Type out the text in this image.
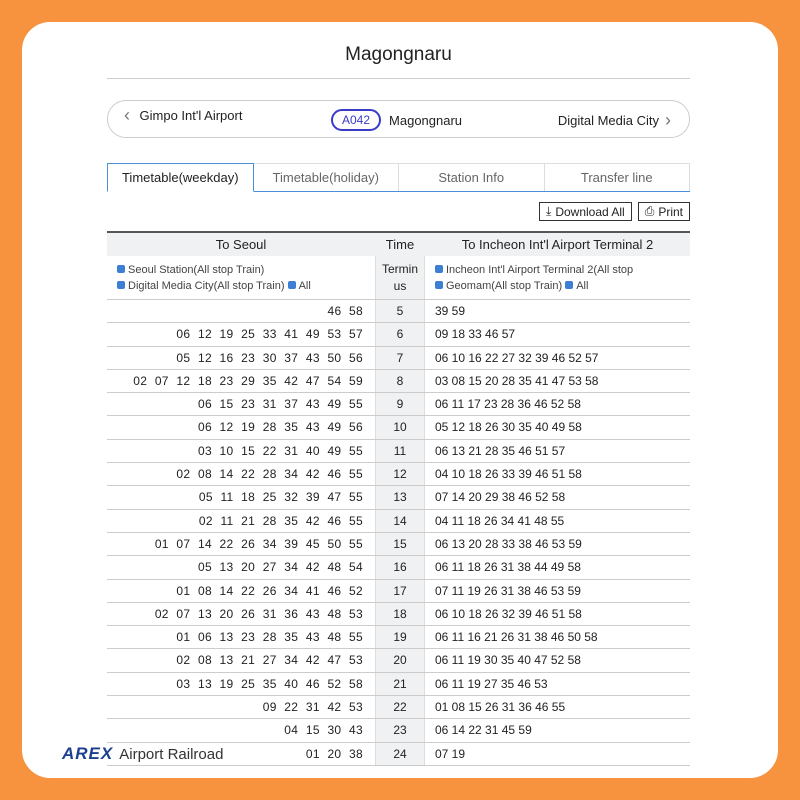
Magongnaru
‹ Gimpo Int'l Airport	A042	Magongnaru	Digital Media City ›
Timetable(weekday)	Timetable(holiday)	Station Info	Transfer line
⤓ Download All ⎙ Print
To Seoul	Time	To Incheon Int'l Airport Terminal 2
Seoul Station(All stop Train)
Digital Media City(All stop Train) All
Terminus
Incheon Int'l Airport Terminal 2(All stop
Geomam(All stop Train) All
46 58	5	39 59
06 12 19 25 33 41 49 53 57	6	09 18 33 46 57
05 12 16 23 30 37 43 50 56	7	06 10 16 22 27 32 39 46 52 57
02 07 12 18 23 29 35 42 47 54 59	8	03 08 15 20 28 35 41 47 53 58
06 15 23 31 37 43 49 55	9	06 11 17 23 28 36 46 52 58
06 12 19 28 35 43 49 56	10	05 12 18 26 30 35 40 49 58
03 10 15 22 31 40 49 55	11	06 13 21 28 35 46 51 57
02 08 14 22 28 34 42 46 55	12	04 10 18 26 33 39 46 51 58
05 11 18 25 32 39 47 55	13	07 14 20 29 38 46 52 58
02 11 21 28 35 42 46 55	14	04 11 18 26 34 41 48 55
01 07 14 22 26 34 39 45 50 55	15	06 13 20 28 33 38 46 53 59
05 13 20 27 34 42 48 54	16	06 11 18 26 31 38 44 49 58
01 08 14 22 26 34 41 46 52	17	07 11 19 26 31 38 46 53 59
02 07 13 20 26 31 36 43 48 53	18	06 10 18 26 32 39 46 51 58
01 06 13 23 28 35 43 48 55	19	06 11 16 21 26 31 38 46 50 58
02 08 13 21 27 34 42 47 53	20	06 11 19 30 35 40 47 52 58
03 13 19 25 35 40 46 52 58	21	06 11 19 27 35 46 53
09 22 31 42 53	22	01 08 15 26 31 36 46 55
04 15 30 43	23	06 14 22 31 45 59
01 20 38	24	07 19
AREX Airport Railroad
